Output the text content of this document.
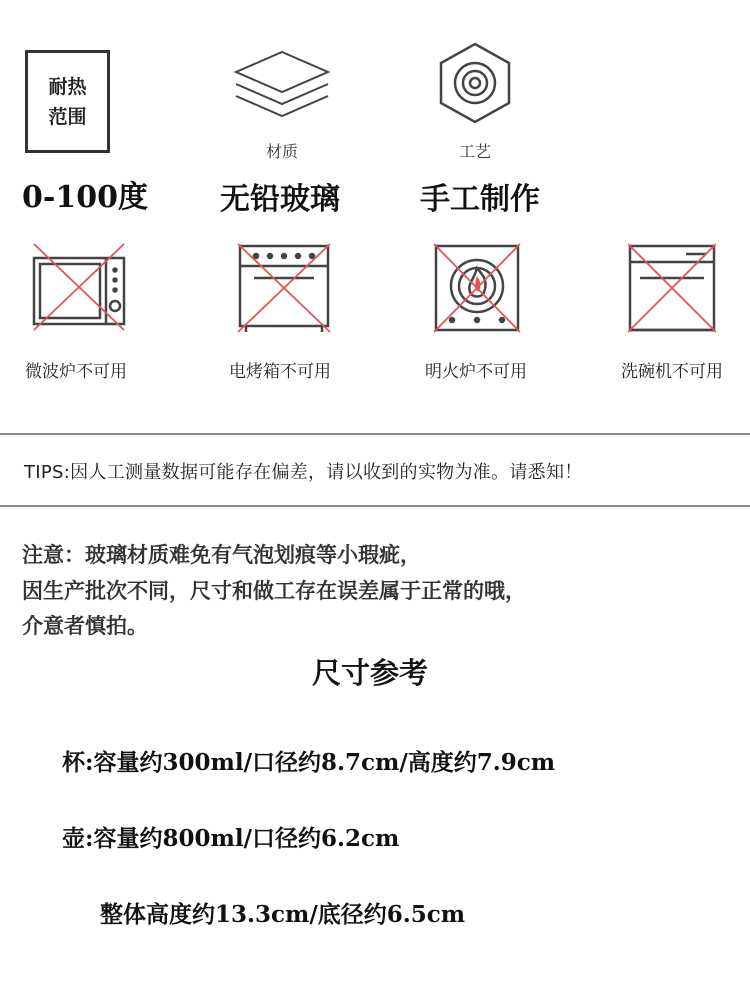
耐热
范围
0-100度
材质
无铅玻璃
工艺
手工制作
微波炉不可用	电烤箱不可用	明火炉不可用	洗碗机不可用
TIPS:因人工测量数据可能存在偏差，请以收到的实物为准。请悉知！
注意：玻璃材质难免有气泡划痕等小瑕疵，
因生产批次不同，尺寸和做工存在误差属于正常的哦，
介意者慎拍。
尺寸参考
杯:容量约300ml/口径约8.7cm/高度约7.9cm
壶:容量约800ml/口径约6.2cm
整体高度约13.3cm/底径约6.5cm
